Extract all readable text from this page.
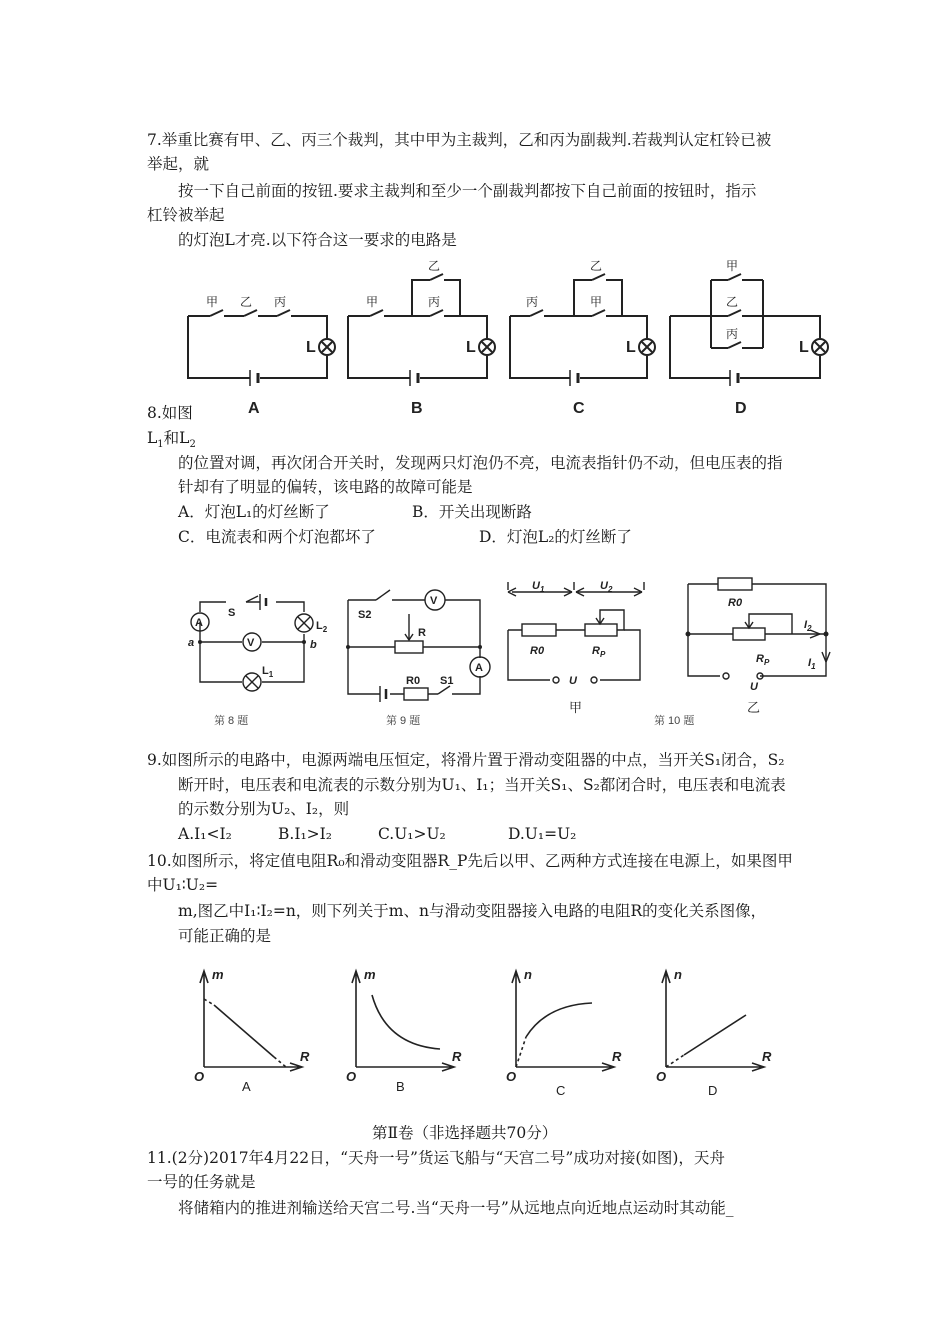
7.举重比赛有甲、乙、丙三个裁判，其中甲为主裁判，乙和丙为副裁判.若裁判认定杠铃已被
举起，就
按一下自己前面的按钮.要求主裁判和至少一个副裁判都按下自己前面的按钮时，指示
杠铃被举起
的灯泡L才亮.以下符合这一要求的电路是
甲 乙 丙	甲
乙
丙	丙
乙
甲
甲
乙
丙
L	L	L	L
A	B	C	D
8.如图
$L_1$和$L_2$
的位置对调，再次闭合开关时，发现两只灯泡仍不亮，电流表指针仍不动，但电压表的指
针却有了明显的偏转，该电路的故障可能是
A．灯泡L₁的灯丝断了	B．开关出现断路
C．电流表和两个灯泡都坏了	D．灯泡L₂的灯丝断了
A
V
S
a	b
$L_2$
$L_1$
V
A
S2
R
R0 S1
$U_1$	$U_2$
R0	$R_P$
U
R0
$R_P$
$I_2$
$I_1$
U
甲	乙
第 8 题	第 9 题	第 10 题
9.如图所示的电路中，电源两端电压恒定，将滑片置于滑动变阻器的中点，当开关S₁闭合，S₂
断开时，电压表和电流表的示数分别为U₁、I₁；当开关S₁、S₂都闭合时，电压表和电流表
的示数分别为U₂、I₂，则
A.I₁<I₂	B.I₁>I₂	C.U₁>U₂	D.U₁=U₂
10.如图所示，将定值电阻R₀和滑动变阻器R_P先后以甲、乙两种方式连接在电源上，如果图甲
中U₁∶U₂=
m,图乙中I₁∶I₂=n，则下列关于m、n与滑动变阻器接入电路的电阻R的变化关系图像，
可能正确的是
m
R
O
m
R
O
n
R
O
n
R
O
A	B	C	D
第Ⅱ卷（非选择题共70分）
11.(2分)2017年4月22日，“天舟一号”货运飞船与“天宫二号”成功对接(如图)，天舟
一号的任务就是
将储箱内的推进剂输送给天宫二号.当“天舟一号”从远地点向近地点运动时其动能_
